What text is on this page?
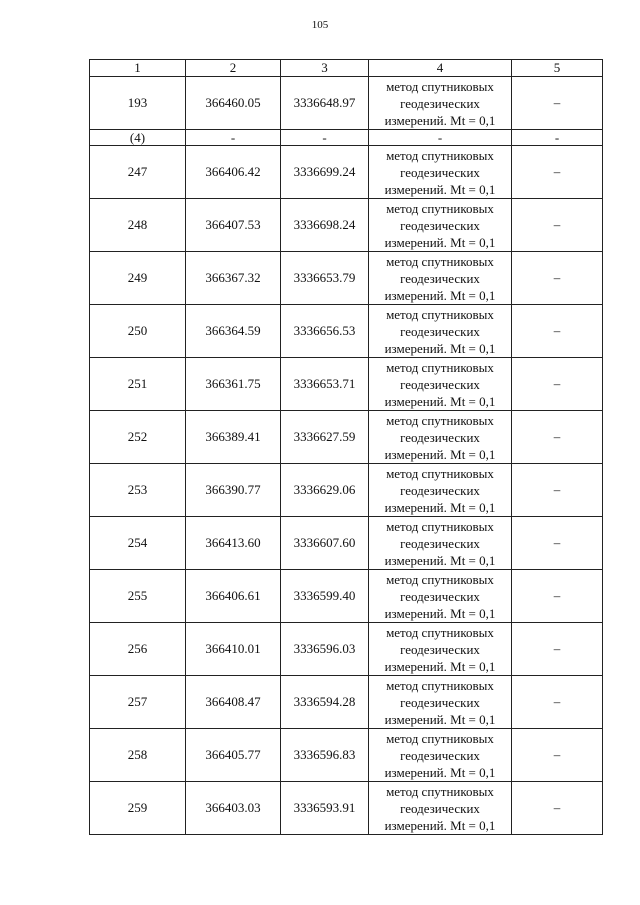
105
1	2	3	4	5
193	366460.05	3336648.97	метод спутниковых
геодезических
измерений. Mt = 0,1	–
(4)	-	-	-	-
247	366406.42	3336699.24	метод спутниковых
геодезических
измерений. Mt = 0,1	–
248	366407.53	3336698.24	метод спутниковых
геодезических
измерений. Mt = 0,1	–
249	366367.32	3336653.79	метод спутниковых
геодезических
измерений. Mt = 0,1	–
250	366364.59	3336656.53	метод спутниковых
геодезических
измерений. Mt = 0,1	–
251	366361.75	3336653.71	метод спутниковых
геодезических
измерений. Mt = 0,1	–
252	366389.41	3336627.59	метод спутниковых
геодезических
измерений. Mt = 0,1	–
253	366390.77	3336629.06	метод спутниковых
геодезических
измерений. Mt = 0,1	–
254	366413.60	3336607.60	метод спутниковых
геодезических
измерений. Mt = 0,1	–
255	366406.61	3336599.40	метод спутниковых
геодезических
измерений. Mt = 0,1	–
256	366410.01	3336596.03	метод спутниковых
геодезических
измерений. Mt = 0,1	–
257	366408.47	3336594.28	метод спутниковых
геодезических
измерений. Mt = 0,1	–
258	366405.77	3336596.83	метод спутниковых
геодезических
измерений. Mt = 0,1	–
259	366403.03	3336593.91	метод спутниковых
геодезических
измерений. Mt = 0,1	–
